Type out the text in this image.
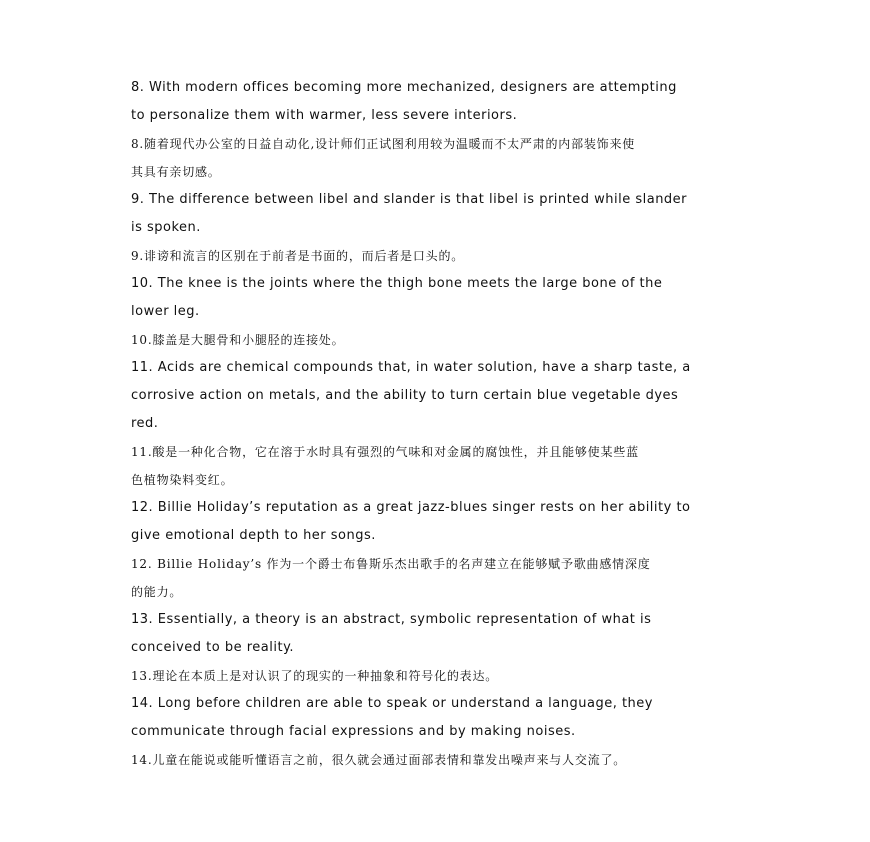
8. With modern offices becoming more mechanized, designers are attempting
to personalize them with warmer, less severe interiors.
8.随着现代办公室的日益自动化,设计师们正试图利用较为温暖而不太严肃的内部装饰来使
其具有亲切感。
9. The difference between libel and slander is that libel is printed while slander
is spoken.
9.诽谤和流言的区别在于前者是书面的，而后者是口头的。
10. The knee is the joints where the thigh bone meets the large bone of the
lower leg.
10.膝盖是大腿骨和小腿胫的连接处。
11. Acids are chemical compounds that, in water solution, have a sharp taste, a
corrosive action on metals, and the ability to turn certain blue vegetable dyes
red.
11.酸是一种化合物，它在溶于水时具有强烈的气味和对金属的腐蚀性，并且能够使某些蓝
色植物染料变红。
12. Billie Holiday’s reputation as a great jazz-blues singer rests on her ability to
give emotional depth to her songs.
12. Billie Holiday’s 作为一个爵士布鲁斯乐杰出歌手的名声建立在能够赋予歌曲感情深度
的能力。
13. Essentially, a theory is an abstract, symbolic representation of what is
conceived to be reality.
13.理论在本质上是对认识了的现实的一种抽象和符号化的表达。
14. Long before children are able to speak or understand a language, they
communicate through facial expressions and by making noises.
14.儿童在能说或能听懂语言之前，很久就会通过面部表情和靠发出噪声来与人交流了。
